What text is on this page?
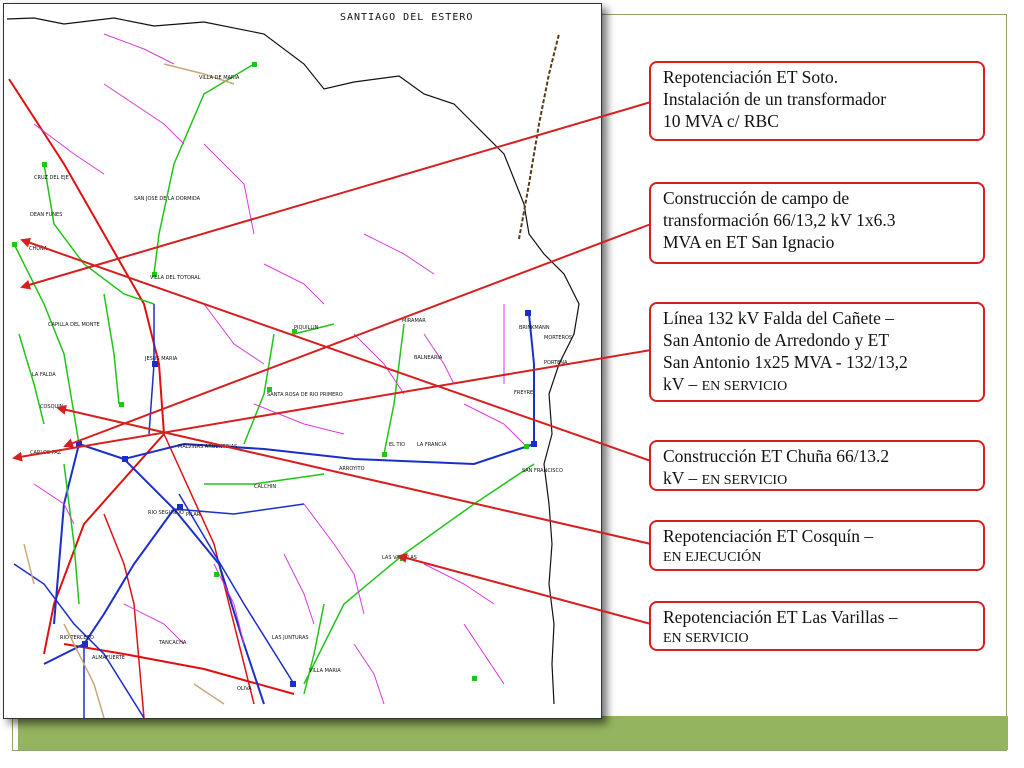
CHUÑA
LA FALDA
COSQUIN
CARLOS PAZ
MALVINAS ARGENTINAS
PILAR
RIO SEGUNDO
ARROYITO
LAS VARILLAS
SAN FRANCISCO
VILLA MARIA
ALMAFUERTE
RIO TERCERO
OLIVA
JESUS MARIA
VILLA DEL TOTORAL
DEAN FUNES
CRUZ DEL EJE
SAN JOSE DE LA DORMIDA
VILLA DE MARIA
LA FRANCIA
EL TIO
FREYRE
BRINKMANN
PORTEÑA
MORTEROS
BALNEARIA
MIRAMAR
SANTA ROSA DE RIO PRIMERO
LAS JUNTURAS
TANCACHA
CAPILLA DEL MONTE
CALCHIN
PIQUILLIN
SANTIAGO DEL ESTERO
Repotenciación ET Soto.
Instalación de un transformador
10 MVA c/ RBC
Construcción de campo de
transformación 66/13,2 kV 1x6.3
MVA en ET San Ignacio
Línea 132 kV Falda del Cañete –
San Antonio de Arredondo y ET
San Antonio 1x25 MVA - 132/13,2
kV – EN SERVICIO
Construcción ET Chuña 66/13.2
kV – EN SERVICIO
Repotenciación ET Cosquín –
EN EJECUCIÓN
Repotenciación ET Las Varillas –
EN SERVICIO
